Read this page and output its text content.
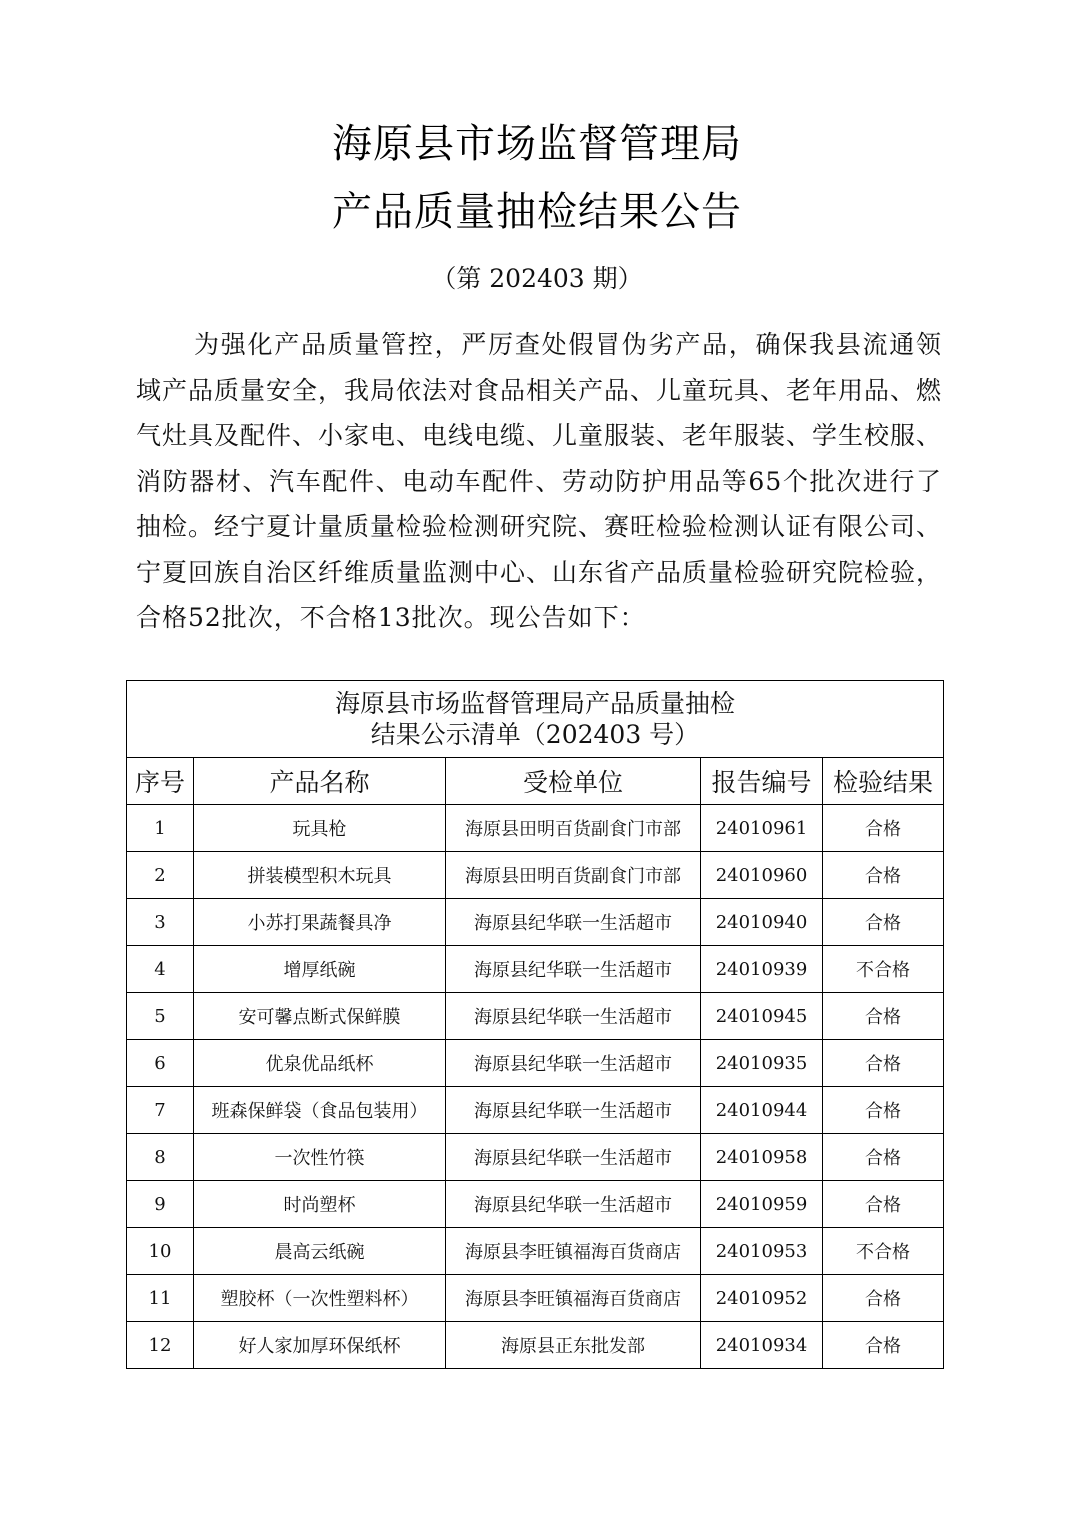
海原县市场监督管理局
产品质量抽检结果公告
（第 202403 期）

为强化产品质量管控，严厉查处假冒伪劣产品，确保我县流通领域产品质量安全，我局依法对食品相关产品、儿童玩具、老年用品、燃气灶具及配件、小家电、电线电缆、儿童服装、老年服装、学生校服、消防器材、汽车配件、电动车配件、劳动防护用品等65个批次进行了抽检。经宁夏计量质量检验检测研究院、赛旺检验检测认证有限公司、宁夏回族自治区纤维质量监测中心、山东省产品质量检验研究院检验，合格52批次，不合格13批次。现公告如下：

海原县市场监督管理局产品质量抽检
结果公示清单（202403 号）				

序号	产品名称	受检单位	报告编号	检验结果
1	玩具枪	海原县田明百货副食门市部	24010961	合格
2	拼装模型积木玩具	海原县田明百货副食门市部	24010960	合格
3	小苏打果蔬餐具净	海原县纪华联一生活超市	24010940	合格
4	增厚纸碗	海原县纪华联一生活超市	24010939	不合格
5	安可馨点断式保鲜膜	海原县纪华联一生活超市	24010945	合格
6	优泉优品纸杯	海原县纪华联一生活超市	24010935	合格
7	班森保鲜袋（食品包装用）	海原县纪华联一生活超市	24010944	合格
8	一次性竹筷	海原县纪华联一生活超市	24010958	合格
9	时尚塑杯	海原县纪华联一生活超市	24010959	合格
10	晨高云纸碗	海原县李旺镇福海百货商店	24010953	不合格
11	塑胶杯（一次性塑料杯）	海原县李旺镇福海百货商店	24010952	合格
12	好人家加厚环保纸杯	海原县正东批发部	24010934	合格
